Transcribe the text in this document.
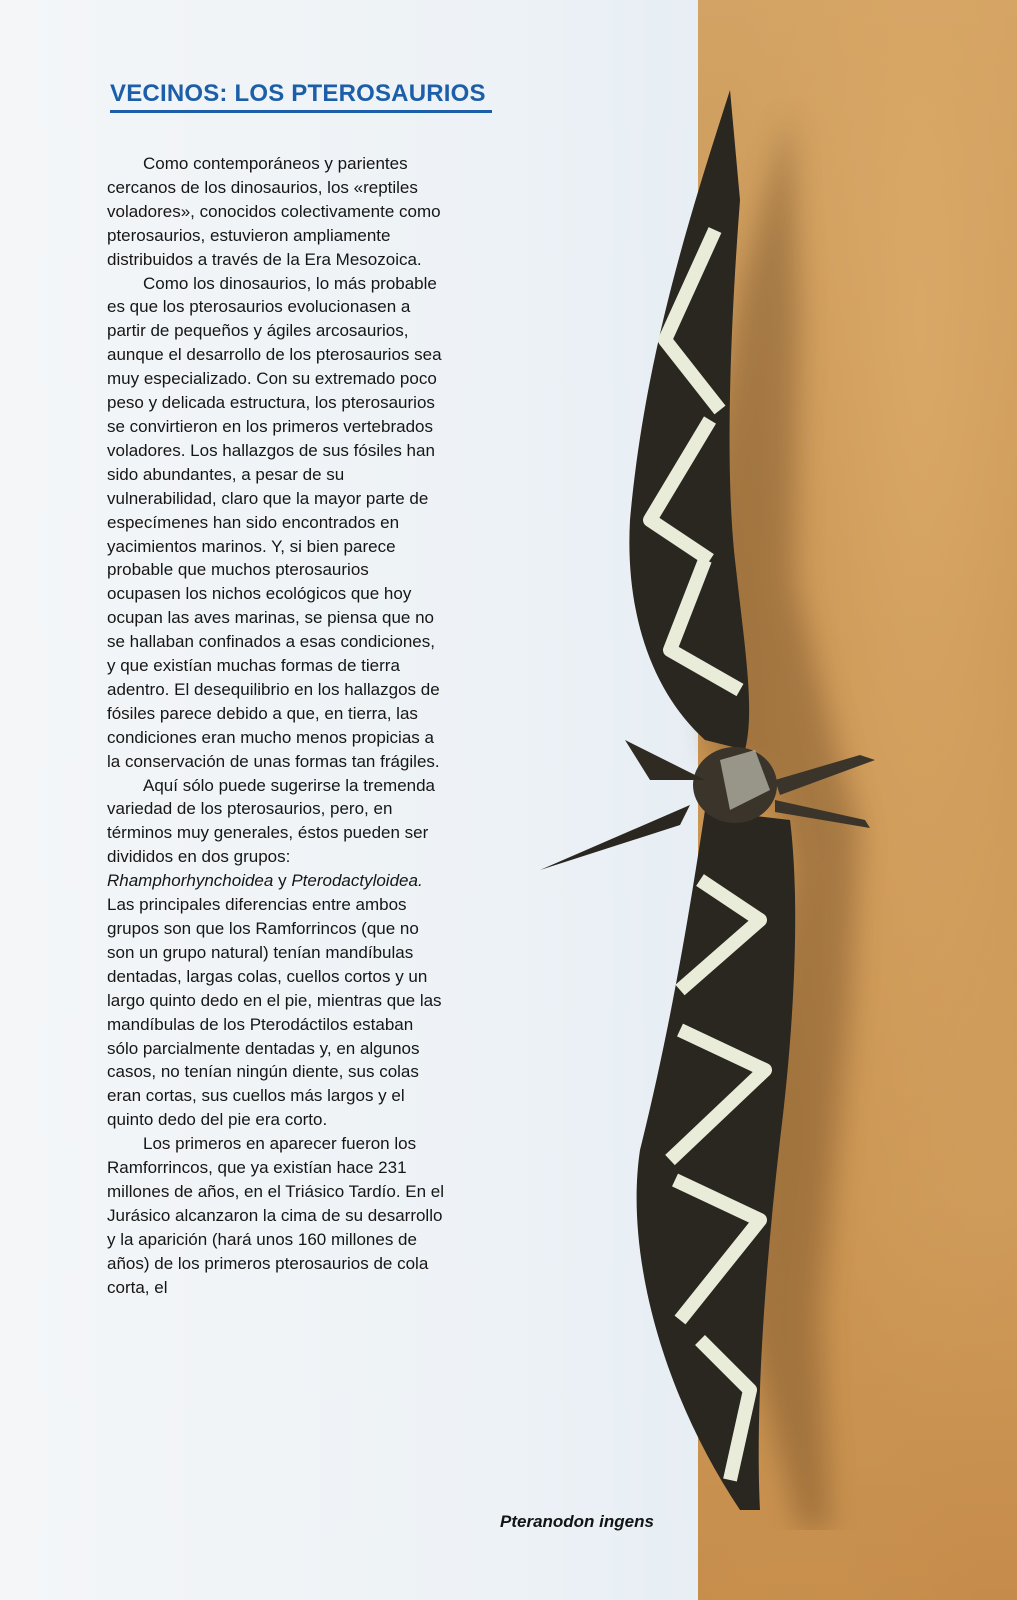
VECINOS: LOS PTEROSAURIOS

Como contemporáneos y parientes cercanos de los dinosaurios, los «reptiles voladores», conocidos colectivamente como pterosaurios, estuvieron ampliamente distribuidos a través de la Era Mesozoica.

Como los dinosaurios, lo más probable es que los pterosaurios evolucionasen a partir de pequeños y ágiles arcosaurios, aunque el desarrollo de los pterosaurios sea muy especializado. Con su extremado poco peso y delicada estructura, los pterosaurios se convirtieron en los primeros vertebrados voladores. Los hallazgos de sus fósiles han sido abundantes, a pesar de su vulnerabilidad, claro que la mayor parte de especímenes han sido encontrados en yacimientos marinos. Y, si bien parece probable que muchos pterosaurios ocupasen los nichos ecológicos que hoy ocupan las aves marinas, se piensa que no se hallaban confinados a esas condiciones, y que existían muchas formas de tierra adentro. El desequilibrio en los hallazgos de fósiles parece debido a que, en tierra, las condiciones eran mucho menos propicias a la conservación de unas formas tan frágiles.

Aquí sólo puede sugerirse la tremenda variedad de los pterosaurios, pero, en términos muy generales, éstos pueden ser divididos en dos grupos: Rhamphorhynchoidea y Pterodactyloidea. Las principales diferencias entre ambos grupos son que los Ramforrincos (que no son un grupo natural) tenían mandíbulas dentadas, largas colas, cuellos cortos y un largo quinto dedo en el pie, mientras que las mandíbulas de los Pterodáctilos estaban sólo parcialmente dentadas y, en algunos casos, no tenían ningún diente, sus colas eran cortas, sus cuellos más largos y el quinto dedo del pie era corto.

Los primeros en aparecer fueron los Ramforrincos, que ya existían hace 231 millones de años, en el Triásico Tardío. En el Jurásico alcanzaron la cima de su desarrollo y la aparición (hará unos 160 millones de años) de los primeros pterosaurios de cola corta, el

Pteranodon ingens
